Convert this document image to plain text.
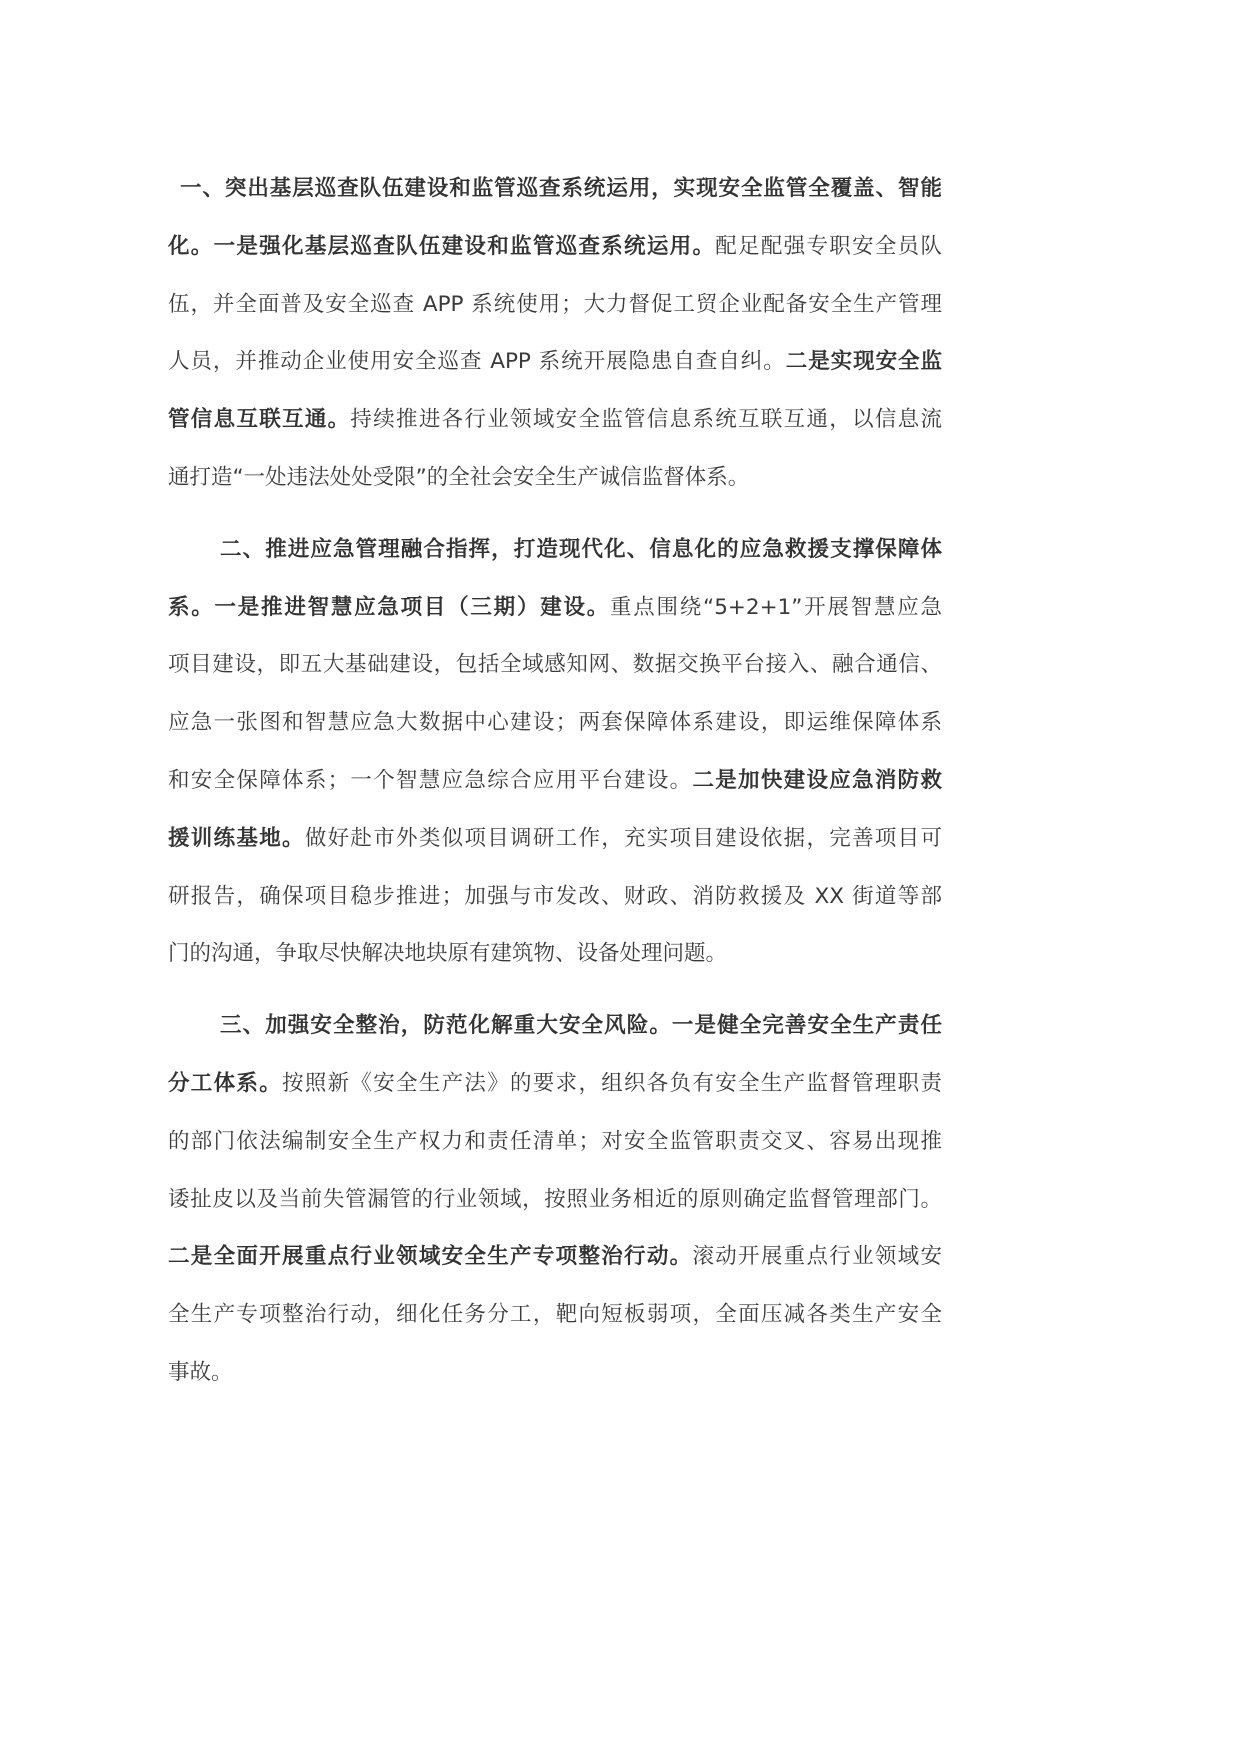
一、突出基层巡查队伍建设和监管巡查系统运用，实现安全监管全覆盖、智能
化。一是强化基层巡查队伍建设和监管巡查系统运用。配足配强专职安全员队
伍，并全面普及安全巡查 APP 系统使用；大力督促工贸企业配备安全生产管理
人员，并推动企业使用安全巡查 APP 系统开展隐患自查自纠。二是实现安全监
管信息互联互通。持续推进各行业领域安全监管信息系统互联互通，以信息流
通打造“一处违法处处受限”的全社会安全生产诚信监督体系。
二、推进应急管理融合指挥，打造现代化、信息化的应急救援支撑保障体
系。一是推进智慧应急项目（三期）建设。重点围绕“5+2+1”开展智慧应急
项目建设，即五大基础建设，包括全域感知网、数据交换平台接入、融合通信、
应急一张图和智慧应急大数据中心建设；两套保障体系建设，即运维保障体系
和安全保障体系；一个智慧应急综合应用平台建设。二是加快建设应急消防救
援训练基地。做好赴市外类似项目调研工作，充实项目建设依据，完善项目可
研报告，确保项目稳步推进；加强与市发改、财政、消防救援及 XX 街道等部
门的沟通，争取尽快解决地块原有建筑物、设备处理问题。
三、加强安全整治，防范化解重大安全风险。一是健全完善安全生产责任
分工体系。按照新《安全生产法》的要求，组织各负有安全生产监督管理职责
的部门依法编制安全生产权力和责任清单；对安全监管职责交叉、容易出现推
诿扯皮以及当前失管漏管的行业领域，按照业务相近的原则确定监督管理部门。
二是全面开展重点行业领域安全生产专项整治行动。滚动开展重点行业领域安
全生产专项整治行动，细化任务分工，靶向短板弱项，全面压减各类生产安全
事故。
